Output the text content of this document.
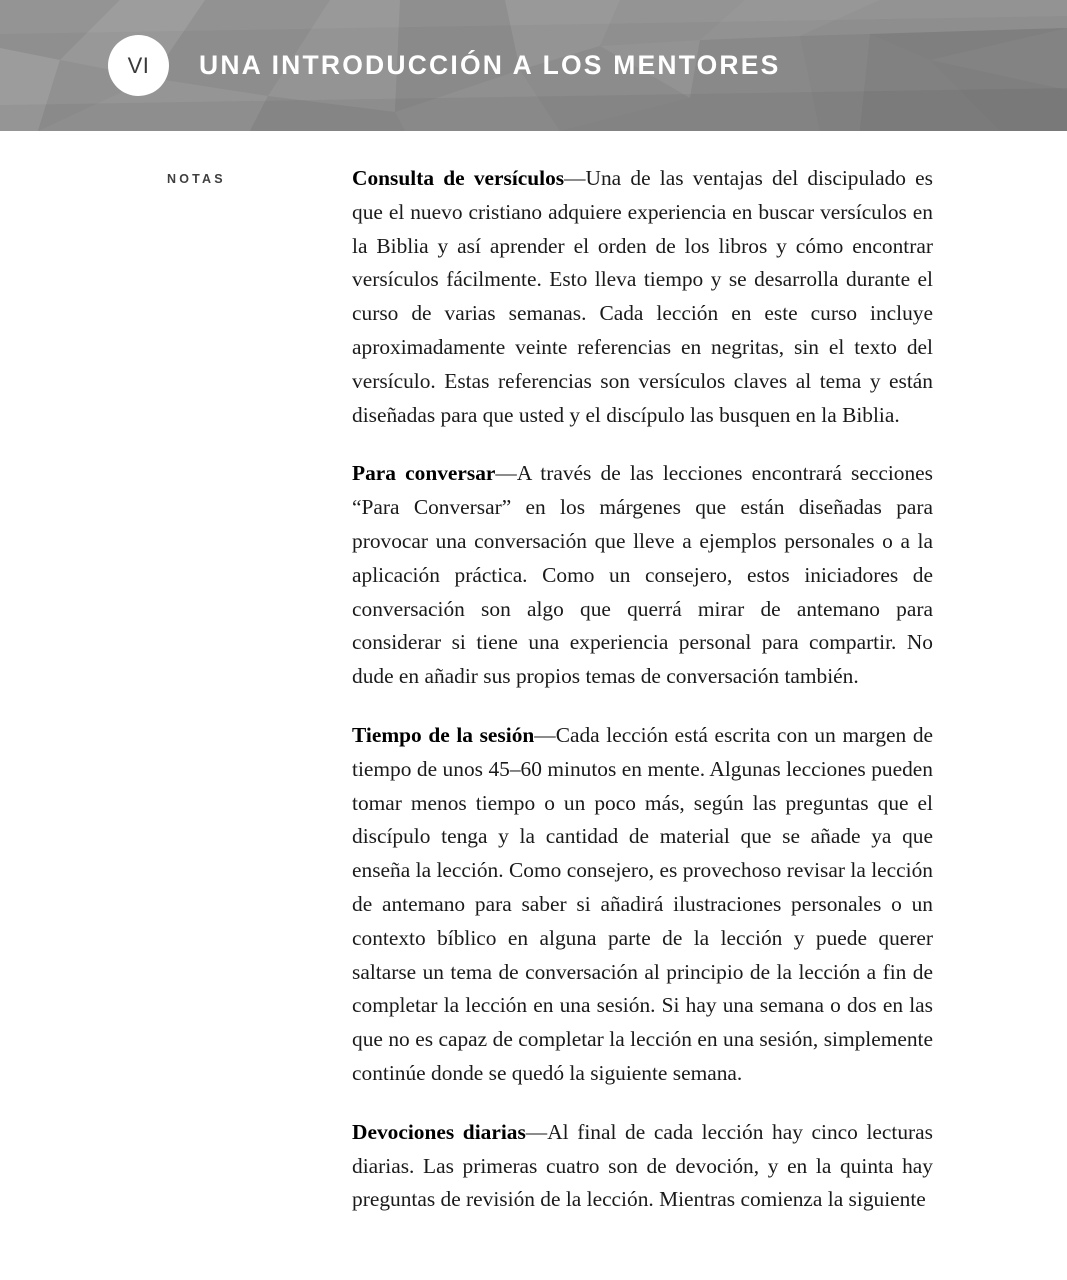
VI UNA INTRODUCCIÓN A LOS MENTORES
NOTAS	Consulta de versículos—Una de las ventajas del discipulado es que el nuevo cristiano adquiere experiencia en buscar versículos en la Biblia y así aprender el orden de los libros y cómo encontrar versículos fácilmente. Esto lleva tiempo y se desarrolla durante el curso de varias semanas. Cada lección en este curso incluye aproximadamente veinte referencias en negritas, sin el texto del versículo. Estas referencias son versículos claves al tema y están diseñadas para que usted y el discípulo las busquen en la Biblia.

Para conversar—A través de las lecciones encontrará secciones “Para Conversar” en los márgenes que están diseñadas para provocar una conversación que lleve a ejemplos personales o a la aplicación práctica. Como un consejero, estos iniciadores de conversación son algo que querrá mirar de antemano para considerar si tiene una experiencia personal para compartir. No dude en añadir sus propios temas de conversación también.

Tiempo de la sesión—Cada lección está escrita con un margen de tiempo de unos 45–60 minutos en mente. Algunas lecciones pueden tomar menos tiempo o un poco más, según las preguntas que el discípulo tenga y la cantidad de material que se añade ya que enseña la lección. Como consejero, es provechoso revisar la lección de antemano para saber si añadirá ilustraciones personales o un contexto bíblico en alguna parte de la lección y puede querer saltarse un tema de conversación al principio de la lección a fin de completar la lección en una sesión. Si hay una semana o dos en las que no es capaz de completar la lección en una sesión, simplemente continúe donde se quedó la siguiente semana.

Devociones diarias—Al final de cada lección hay cinco lecturas diarias. Las primeras cuatro son de devoción, y en la quinta hay preguntas de revisión de la lección. Mientras comienza la siguiente
